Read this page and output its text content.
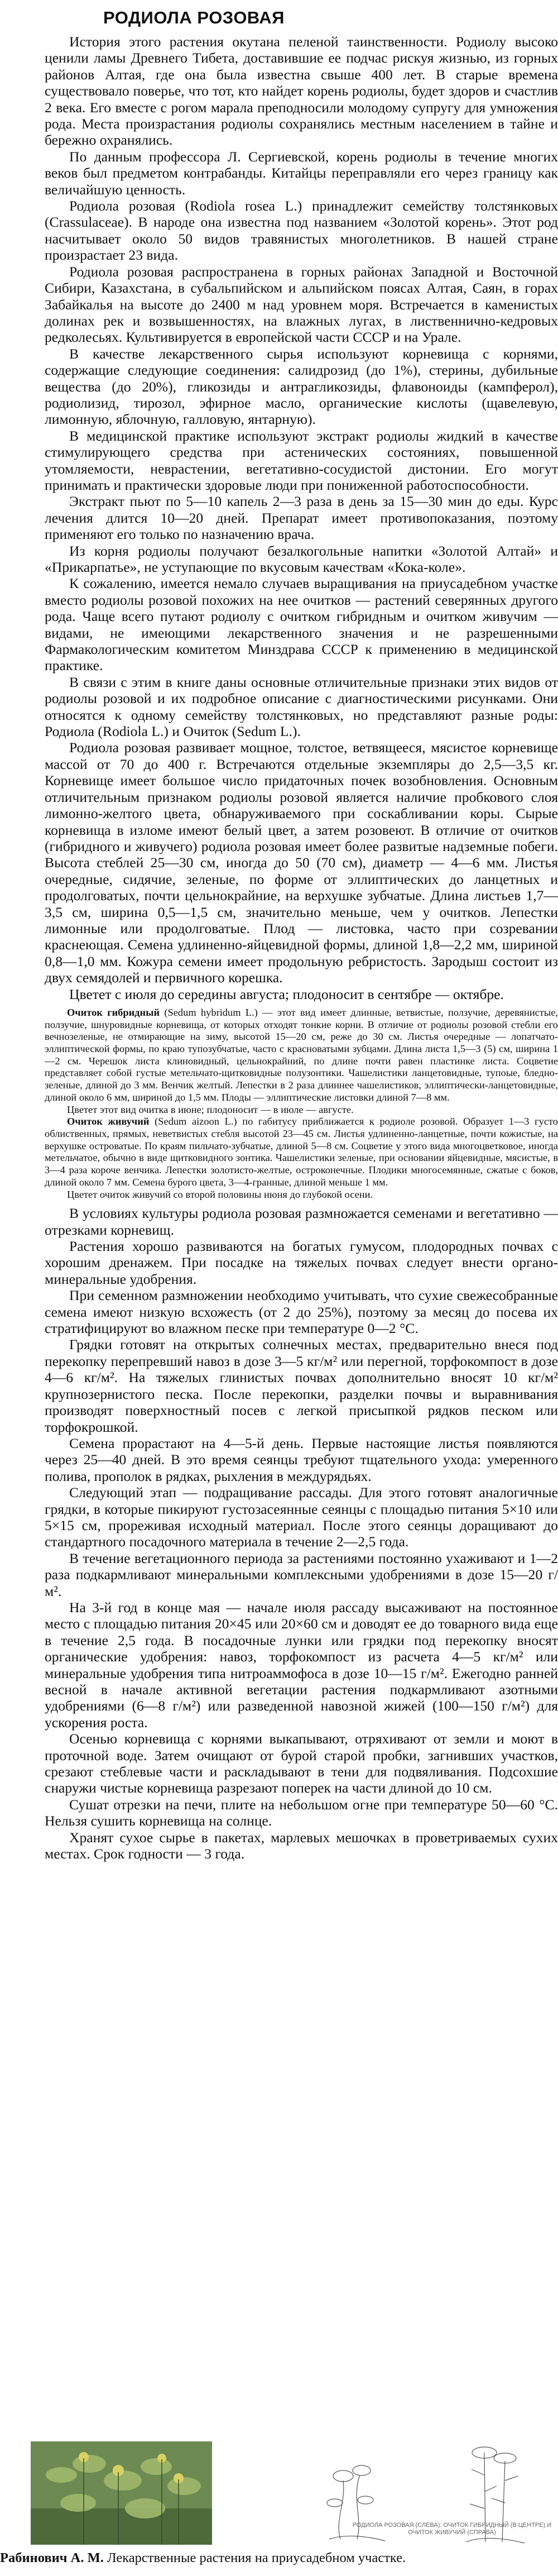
РОДИОЛА РОЗОВАЯ

История этого растения окутана пеленой таинственности. Родиолу высоко ценили ламы Древнего Тибета, доставившие ее подчас рискуя жизнью, из горных районов Алтая, где она была известна свыше 400 лет. В старые времена существовало поверье, что тот, кто найдет корень родиолы, будет здоров и счастлив 2 века. Его вместе с рогом марала преподносили молодому супругу для умножения рода. Места произрастания родиолы сохранялись местным населением в тайне и бережно охранялись.

По данным профессора Л. Сергиевской, корень родиолы в течение многих веков был предметом контрабанды. Китайцы переправляли его через границу как величайшую ценность.

Родиола розовая (Rodiola rosea L.) принадлежит семейству толстянковых (Crassulaceae). В народе она известна под названием «Золотой корень». Этот род насчитывает около 50 видов травянистых многолетников. В нашей стране произрастает 23 вида.

Родиола розовая распространена в горных районах Западной и Восточной Сибири, Казахстана, в субальпийском и альпийском поясах Алтая, Саян, в горах Забайкалья на высоте до 2400 м над уровнем моря. Встречается в каменистых долинах рек и возвышенностях, на влажных лугах, в лиственнично-кедровых редколесьях. Культивируется в европейской части СССР и на Урале.

В качестве лекарственного сырья используют корневища с корнями, содержащие следующие соединения: салидрозид (до 1%), стерины, дубильные вещества (до 20%), гликозиды и антрагликозиды, флавоноиды (кампферол), родиолизид, тирозол, эфирное масло, органические кислоты (щавелевую, лимонную, яблочную, галловую, янтарную).

В медицинской практике используют экстракт родиолы жидкий в качестве стимулирующего средства при астенических состояниях, повышенной утомляемости, неврастении, вегетативно-сосудистой дистонии. Его могут принимать и практически здоровые люди при пониженной работоспособности.

Экстракт пьют по 5—10 капель 2—3 раза в день за 15—30 мин до еды. Курс лечения длится 10—20 дней. Препарат имеет противопоказания, поэтому применяют его только по назначению врача.

Из корня родиолы получают безалкогольные напитки «Золотой Алтай» и «Прикарпатье», не уступающие по вкусовым качествам «Кока-коле».

К сожалению, имеется немало случаев выращивания на приусадебном участке вместо родиолы розовой похожих на нее очитков — растений северянных другого рода. Чаще всего путают родиолу с очитком гибридным и очитком живучим — видами, не имеющими лекарственного значения и не разрешенными Фармакологическим комитетом Минздрава СССР к применению в медицинской практике.

В связи с этим в книге даны основные отличительные признаки этих видов от родиолы розовой и их подробное описание с диагностическими рисунками. Они относятся к одному семейству толстянковых, но представляют разные роды: Родиола (Rodiola L.) и Очиток (Sedum L.).

Родиола розовая развивает мощное, толстое, ветвящееся, мясистое корневище массой от 70 до 400 г. Встречаются отдельные экземпляры до 2,5—3,5 кг. Корневище имеет большое число придаточных почек возобновления. Основным отличительным признаком родиолы розовой является наличие пробкового слоя лимонно-желтого цвета, обнаруживаемого при соскабливании коры. Сырые корневища в изломе имеют белый цвет, а затем розовеют. В отличие от очитков (гибридного и живучего) родиола розовая имеет более развитые надземные побеги. Высота стеблей 25—30 см, иногда до 50 (70 см), диаметр — 4—6 мм. Листья очередные, сидячие, зеленые, по форме от эллиптических до ланцетных и продолговатых, почти цельнокрайние, на верхушке зубчатые. Длина листьев 1,7—3,5 см, ширина 0,5—1,5 см, значительно меньше, чем у очитков. Лепестки лимонные или продолговатые. Плод — листовка, часто при созревании краснеющая. Семена удлиненно-яйцевидной формы, длиной 1,8—2,2 мм, шириной 0,8—1,0 мм. Кожура семени имеет продольную ребристость. Зародыш состоит из двух семядолей и первичного корешка.

Цветет с июля до середины августа; плодоносит в сентябре — октябре.

Очиток гибридный (Sedum hybridum L.) — этот вид имеет длинные, ветвистые, ползучие, деревянистые, ползучие, шнуровидные корневища, от которых отходят тонкие корни. В отличие от родиолы розовой стебли его вечнозеленые, не отмирающие на зиму, высотой 15—20 см, реже до 30 см. Листья очередные — лопатчато-эллиптической формы, по краю тупозубчатые, часто с красноватыми зубцами. Длина листа 1,5—3 (5) см, ширина 1—2 см. Черешок листа клиновидный, цельнокрайний, по длине почти равен пластинке листа. Соцветие представляет собой густые метельчато-щитковидные полузонтики. Чашелистики ланцетовидные, тупоые, бледно-зеленые, длиной до 3 мм. Венчик желтый. Лепестки в 2 раза длиннее чашелистиков, эллиптически-ланцетовидные, длиной около 6 мм, шириной до 1,5 мм. Плоды — эллиптические листовки длиной 7—8 мм.

Цветет этот вид очитка в июне; плодоносит — в июле — августе.

Очиток живучий (Sedum aizoon L.) по габитусу приближается к родиоле розовой. Образует 1—3 густо облиственных, прямых, неветвистых стебля высотой 23—45 см. Листья удлиненно-ланцетные, почти кожистые, на верхушке островатые. По краям пильчато-зубчатые, длиной 5—8 см. Соцветие у этого вида многоцветковое, иногда метельчатое, обычно в виде щитковидного зонтика. Чашелистики зеленые, при основании яйцевидные, мясистые, в 3—4 раза короче венчика. Лепестки золотисто-желтые, остроконечные. Плодики многосемянные, сжатые с боков, длиной около 7 мм. Семена бурого цвета, 3—4-гранные, длиной меньше 1 мм.

Цветет очиток живучий со второй половины июня до глубокой осени.

В условиях культуры родиола розовая размножается семенами и вегетативно — отрезками корневищ.

Растения хорошо развиваются на богатых гумусом, плодородных почвах с хорошим дренажем. При посадке на тяжелых почвах следует внести органо-минеральные удобрения.

При семенном размножении необходимо учитывать, что сухие свежесобранные семена имеют низкую всхожесть (от 2 до 25%), поэтому за месяц до посева их стратифицируют во влажном песке при температуре 0—2 °С.

Грядки готовят на открытых солнечных местах, предварительно внеся под перекопку перепревший навоз в дозе 3—5 кг/м² или перегной, торфокомпост в дозе 4—6 кг/м². На тяжелых глинистых почвах дополнительно вносят 10 кг/м² крупнозернистого песка. После перекопки, разделки почвы и выравнивания производят поверхностный посев с легкой присыпкой рядков песком или торфокрошкой.

Семена прорастают на 4—5-й день. Первые настоящие листья появляются через 25—40 дней. В это время сеянцы требуют тщательного ухода: умеренного полива, прополок в рядках, рыхления в междурядьях.

Следующий этап — подращивание рассады. Для этого готовят аналогичные грядки, в которые пикируют густозасеянные сеянцы с площадью питания 5×10 или 5×15 см, прореживая исходный материал. После этого сеянцы доращивают до стандартного посадочного материала в течение 2—2,5 года.

В течение вегетационного периода за растениями постоянно ухаживают и 1—2 раза подкармливают минеральными комплексными удобрениями в дозе 15—20 г/м².

На 3-й год в конце мая — начале июля рассаду высаживают на постоянное место с площадью питания 20×45 или 20×60 см и доводят ее до товарного вида еще в течение 2,5 года. В посадочные лунки или грядки под перекопку вносят органические удобрения: навоз, торфокомпост из расчета 4—5 кг/м² или минеральные удобрения типа нитроаммофоса в дозе 10—15 г/м². Ежегодно ранней весной в начале активной вегетации растения подкармливают азотными удобрениями (6—8 г/м²) или разведенной навозной жижей (100—150 г/м²) для ускорения роста.

Осенью корневища с корнями выкапывают, отряхивают от земли и моют в проточной воде. Затем очищают от бурой старой пробки, загнивших участков, срезают стеблевые части и раскладывают в тени для подвяливания. Подсохшие снаружи чистые корневища разрезают поперек на части длиной до 10 см.

Сушат отрезки на печи, плите на небольшом огне при температуре 50—60 °С. Нельзя сушить корневища на солнце.

Хранят сухое сырье в пакетах, марлевых мешочках в проветриваемых сухих местах. Срок годности — 3 года.

РОДИОЛА РОЗОВАЯ (СЛЕВА): ОЧИТОК ГИБРИДНЫЙ (В ЦЕНТРЕ) И ОЧИТОК ЖИВУЧИЙ (СПРАВА)
Рабинович А. М. Лекарственные растения на приусадебном участке.
